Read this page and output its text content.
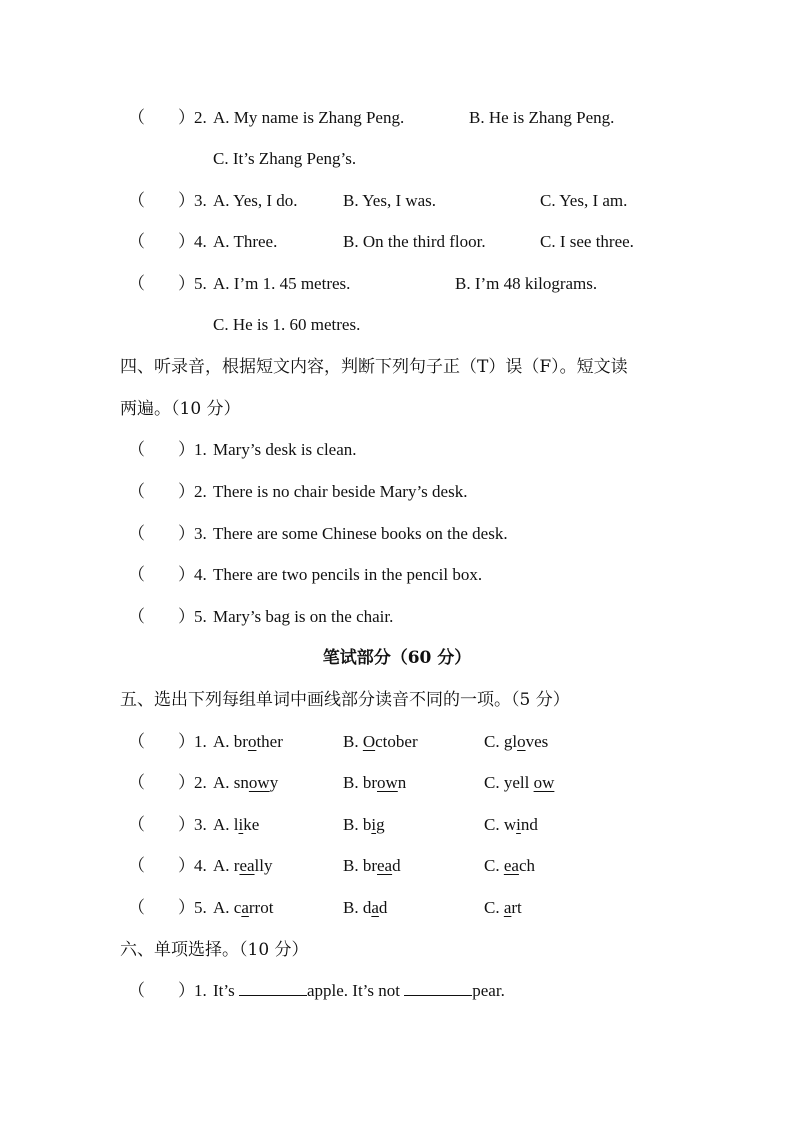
（ ） 2. A. My name is Zhang Peng.	B. He is Zhang Peng.
C. It’s Zhang Peng’s.
（ ） 3. A. Yes, I do.	B. Yes, I was.	C. Yes, I am.
（ ） 4. A. Three.	B. On the third floor.	C. I see three.
（ ） 5. A. I’m 1. 45 metres.	B. I’m 48 kilograms.
C. He is 1. 60 metres.
四、听录音，根据短文内容，判断下列句子正（T）误（F）。短文读
两遍。（10 分）
（ ） 1. Mary’s desk is clean.
（ ） 2. There is no chair beside Mary’s desk.
（ ） 3. There are some Chinese books on the desk.
（ ） 4. There are two pencils in the pencil box.
（ ） 5. Mary’s bag is on the chair.
笔试部分（60 分）
五、选出下列每组单词中画线部分读音不同的一项。（5 分）
（ ） 1. A. brother	B. October	C. gloves
（ ） 2. A. snowy	B. brown	C. yell ow
（ ） 3. A. like	B. big	C. wind
（ ） 4. A. really	B. bread	C. each
（ ） 5. A. carrot	B. dad	C. art
六、单项选择。（10 分）
（ ） 1. It’s	apple. It’s not	pear.
